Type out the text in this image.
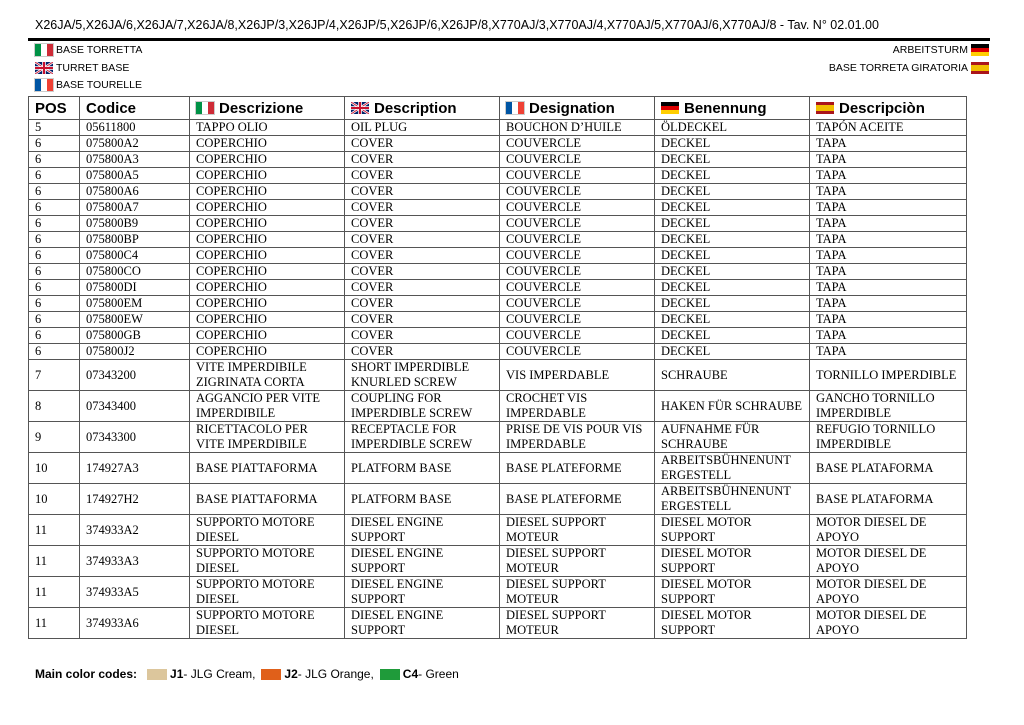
X26JA/5,X26JA/6,X26JA/7,X26JA/8,X26JP/3,X26JP/4,X26JP/5,X26JP/6,X26JP/8,X770AJ/3,X770AJ/4,X770AJ/5,X770AJ/6,X770AJ/8 - Tav. N° 02.01.00
BASE TORRETTA
TURRET BASE
BASE TOURELLE
ARBEITSTURM
BASE TORRETA GIRATORIA
POS	Codice	Descrizione	Description	Designation	Benennung	Descripciòn
5	05611800	TAPPO OLIO	OIL PLUG	BOUCHON D’HUILE	ÖLDECKEL	TAPÓN ACEITE
6	075800A2	COPERCHIO	COVER	COUVERCLE	DECKEL	TAPA
6	075800A3	COPERCHIO	COVER	COUVERCLE	DECKEL	TAPA
6	075800A5	COPERCHIO	COVER	COUVERCLE	DECKEL	TAPA
6	075800A6	COPERCHIO	COVER	COUVERCLE	DECKEL	TAPA
6	075800A7	COPERCHIO	COVER	COUVERCLE	DECKEL	TAPA
6	075800B9	COPERCHIO	COVER	COUVERCLE	DECKEL	TAPA
6	075800BP	COPERCHIO	COVER	COUVERCLE	DECKEL	TAPA
6	075800C4	COPERCHIO	COVER	COUVERCLE	DECKEL	TAPA
6	075800CO	COPERCHIO	COVER	COUVERCLE	DECKEL	TAPA
6	075800DI	COPERCHIO	COVER	COUVERCLE	DECKEL	TAPA
6	075800EM	COPERCHIO	COVER	COUVERCLE	DECKEL	TAPA
6	075800EW	COPERCHIO	COVER	COUVERCLE	DECKEL	TAPA
6	075800GB	COPERCHIO	COVER	COUVERCLE	DECKEL	TAPA
6	075800J2	COPERCHIO	COVER	COUVERCLE	DECKEL	TAPA
7	07343200	VITE IMPERDIBILE ZIGRINATA CORTA	SHORT IMPERDIBLE KNURLED SCREW	VIS IMPERDABLE	SCHRAUBE	TORNILLO IMPERDIBLE
8	07343400	AGGANCIO PER VITE IMPERDIBILE	COUPLING FOR IMPERDIBLE SCREW	CROCHET VIS IMPERDABLE	HAKEN FÜR SCHRAUBE	GANCHO TORNILLO IMPERDIBLE
9	07343300	RICETTACOLO PER VITE IMPERDIBILE	RECEPTACLE FOR IMPERDIBLE SCREW	PRISE DE VIS POUR VIS IMPERDABLE	AUFNAHME FÜR SCHRAUBE	REFUGIO TORNILLO IMPERDIBLE
10	174927A3	BASE PIATTAFORMA	PLATFORM BASE	BASE PLATEFORME	ARBEITSBÜHNENUNT ERGESTELL	BASE PLATAFORMA
10	174927H2	BASE PIATTAFORMA	PLATFORM BASE	BASE PLATEFORME	ARBEITSBÜHNENUNT ERGESTELL	BASE PLATAFORMA
11	374933A2	SUPPORTO MOTORE DIESEL	DIESEL ENGINE SUPPORT	DIESEL SUPPORT MOTEUR	DIESEL MOTOR SUPPORT	MOTOR DIESEL DE APOYO
11	374933A3	SUPPORTO MOTORE DIESEL	DIESEL ENGINE SUPPORT	DIESEL SUPPORT MOTEUR	DIESEL MOTOR SUPPORT	MOTOR DIESEL DE APOYO
11	374933A5	SUPPORTO MOTORE DIESEL	DIESEL ENGINE SUPPORT	DIESEL SUPPORT MOTEUR	DIESEL MOTOR SUPPORT	MOTOR DIESEL DE APOYO
11	374933A6	SUPPORTO MOTORE DIESEL	DIESEL ENGINE SUPPORT	DIESEL SUPPORT MOTEUR	DIESEL MOTOR SUPPORT	MOTOR DIESEL DE APOYO
Main color codes:	J1 - JLG Cream, J2 - JLG Orange, C4 - Green
